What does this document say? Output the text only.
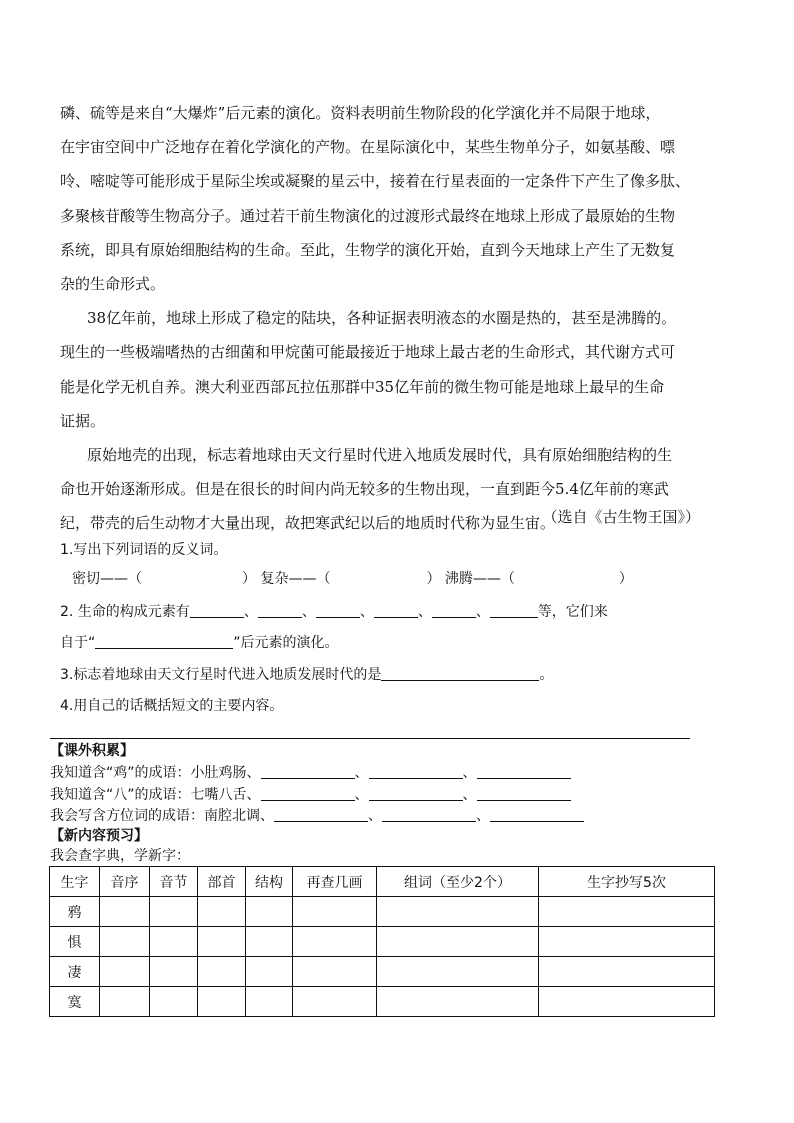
磷、硫等是来自“大爆炸”后元素的演化。资料表明前生物阶段的化学演化并不局限于地球，
在宇宙空间中广泛地存在着化学演化的产物。在星际演化中，某些生物单分子，如氨基酸、嘌
呤、嘧啶等可能形成于星际尘埃或凝聚的星云中，接着在行星表面的一定条件下产生了像多肽、
多聚核苷酸等生物高分子。通过若干前生物演化的过渡形式最终在地球上形成了最原始的生物
系统，即具有原始细胞结构的生命。至此，生物学的演化开始，直到今天地球上产生了无数复
杂的生命形式。
38亿年前，地球上形成了稳定的陆块，各种证据表明液态的水圈是热的，甚至是沸腾的。
现生的一些极端嗜热的古细菌和甲烷菌可能最接近于地球上最古老的生命形式，其代谢方式可
能是化学无机自养。澳大利亚西部瓦拉伍那群中35亿年前的微生物可能是地球上最早的生命
证据。
原始地壳的出现，标志着地球由天文行星时代进入地质发展时代，具有原始细胞结构的生
命也开始逐渐形成。但是在很长的时间内尚无较多的生物出现，一直到距今5.4亿年前的寒武
纪，带壳的后生动物才大量出现，故把寒武纪以后的地质时代称为显生宙。
（选自《古生物王国》）
1.写出下列词语的反义词。
密切——（	） 复杂——（	） 沸腾——（	）
2. 生命的构成元素有	、	、	、	、	、	等，它们来
自于“	”后元素的演化。
3.标志着地球由天文行星时代进入地质发展时代的是	。
4.用自己的话概括短文的主要内容。
【课外积累】
我知道含“鸡”的成语：小肚鸡肠、	、	、
我知道含“八”的成语：七嘴八舌、	、	、
我会写含方位词的成语：南腔北调、	、	、
【新内容预习】
我会查字典，学新字：
生字	音序	音节	部首	结构	再查几画	组词（至少2个）	生字抄写5次
鸦							
惧							
凄							
寞							
